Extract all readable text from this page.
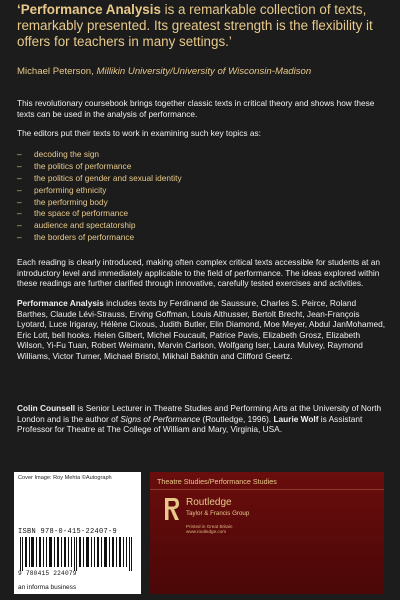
‘Performance Analysis is a remarkable collection of texts, remarkably presented. Its greatest strength is the flexibility it offers for teachers in many settings.’
Michael Peterson, Millikin University/University of Wisconsin-Madison
This revolutionary coursebook brings together classic texts in critical theory and shows how these texts can be used in the analysis of performance.
The editors put their texts to work in examining such key topics as:
–	decoding the sign
–	the politics of performance
–	the politics of gender and sexual identity
–	performing ethnicity
–	the performing body
–	the space of performance
–	audience and spectatorship
–	the borders of performance
Each reading is clearly introduced, making often complex critical texts accessible for students at an introductory level and immediately applicable to the field of performance. The ideas explored within these readings are further clarified through innovative, carefully tested exercises and activities.
Performance Analysis includes texts by Ferdinand de Saussure, Charles S. Peirce, Roland Barthes, Claude Lévi-Strauss, Erving Goffman, Louis Althusser, Bertolt Brecht, Jean-François Lyotard, Luce Irigaray, Hélène Cixous, Judith Butler, Elin Diamond, Moe Meyer, Abdul JanMohamed, Eric Lott, bell hooks. Helen Gilbert, Michel Foucault, Patrice Pavis, Elizabeth Grosz, Elizabeth Wilson, Yi-Fu Tuan, Robert Weimann, Marvin Carlson, Wolfgang Iser, Laura Mulvey, Raymond Williams, Victor Turner, Michael Bristol, Mikhail Bakhtin and Clifford Geertz.
Colin Counsell is Senior Lecturer in Theatre Studies and Performing Arts at the University of North London and is the author of Signs of Performance (Routledge, 1996). Laurie Wolf is Assistant Professor for Theatre at The College of William and Mary, Virginia, USA.
Cover Image: Roy Mehta ©Autograph
ISBN 978-0-415-22407-9
9 780415 224079
an informa business
Theatre Studies/Performance Studies
Routledge
Taylor & Francis Group
Printed in Great Britain
www.routledge.com
